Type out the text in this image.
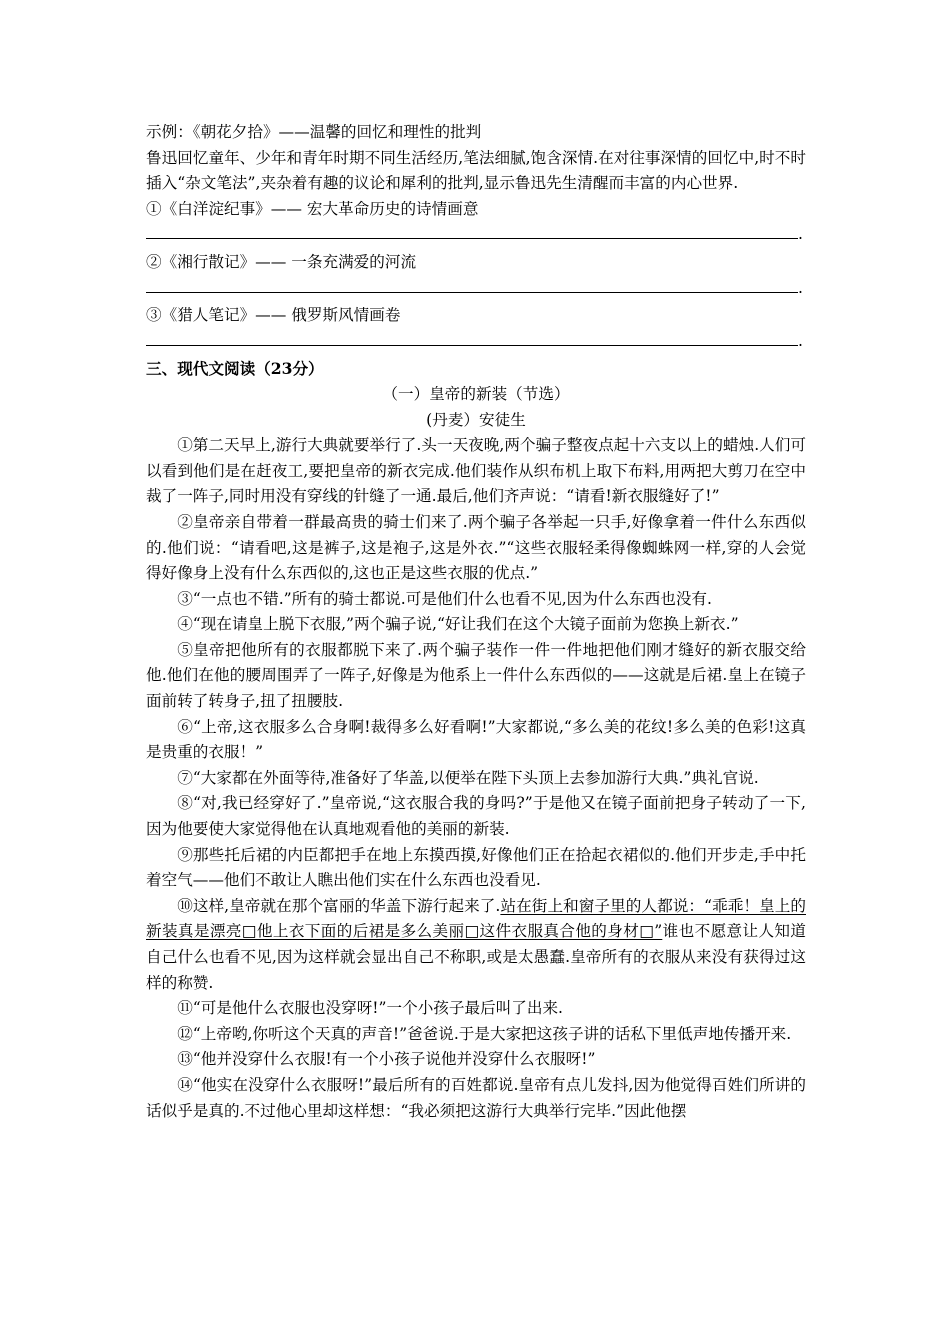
示例：《朝花夕拾》——温馨的回忆和理性的批判
鲁迅回忆童年、少年和青年时期不同生活经历,笔法细腻,饱含深情.在对往事深情的回忆中,时不时插入“杂文笔法”,夹杂着有趣的议论和犀利的批判,显示鲁迅先生清醒而丰富的内心世界.
①《白洋淀纪事》—— 宏大革命历史的诗情画意
.
②《湘行散记》—— 一条充满爱的河流
.
③《猎人笔记》—— 俄罗斯风情画卷
.
三、现代文阅读（23分）
（一）皇帝的新装（节选）
(丹麦）安徒生
①第二天早上,游行大典就要举行了.头一天夜晚,两个骗子整夜点起十六支以上的蜡烛.人们可以看到他们是在赶夜工,要把皇帝的新衣完成.他们装作从织布机上取下布料,用两把大剪刀在空中裁了一阵子,同时用没有穿线的针缝了一通.最后,他们齐声说：“请看!新衣服缝好了!”
②皇帝亲自带着一群最高贵的骑士们来了.两个骗子各举起一只手,好像拿着一件什么东西似的.他们说：“请看吧,这是裤子,这是袍子,这是外衣.”“这些衣服轻柔得像蜘蛛网一样,穿的人会觉得好像身上没有什么东西似的,这也正是这些衣服的优点.”
③“一点也不错.”所有的骑士都说.可是他们什么也看不见,因为什么东西也没有.
④“现在请皇上脱下衣服,”两个骗子说,“好让我们在这个大镜子面前为您换上新衣.”
⑤皇帝把他所有的衣服都脱下来了.两个骗子装作一件一件地把他们刚才缝好的新衣服交给他.他们在他的腰周围弄了一阵子,好像是为他系上一件什么东西似的——这就是后裙.皇上在镜子面前转了转身子,扭了扭腰肢.
⑥“上帝,这衣服多么合身啊!裁得多么好看啊!”大家都说,“多么美的花纹!多么美的色彩!这真是贵重的衣服！”
⑦“大家都在外面等待,准备好了华盖,以便举在陛下头顶上去参加游行大典.”典礼官说.
⑧“对,我已经穿好了.”皇帝说,“这衣服合我的身吗?”于是他又在镜子面前把身子转动了一下,因为他要使大家觉得他在认真地观看他的美丽的新装.
⑨那些托后裙的内臣都把手在地上东摸西摸,好像他们正在拾起衣裙似的.他们开步走,手中托着空气——他们不敢让人瞧出他们实在什么东西也没看见.
⑩这样,皇帝就在那个富丽的华盖下游行起来了.站在街上和窗子里的人都说：“乖乖！皇上的新装真是漂亮□他上衣下面的后裙是多么美丽□这件衣服真合他的身材□”谁也不愿意让人知道自己什么也看不见,因为这样就会显出自己不称职,或是太愚蠢.皇帝所有的衣服从来没有获得过这样的称赞.
⑪“可是他什么衣服也没穿呀!”一个小孩子最后叫了出来.
⑫“上帝哟,你听这个天真的声音!”爸爸说.于是大家把这孩子讲的话私下里低声地传播开来.
⑬“他并没穿什么衣服!有一个小孩子说他并没穿什么衣服呀!”
⑭“他实在没穿什么衣服呀!”最后所有的百姓都说.皇帝有点儿发抖,因为他觉得百姓们所讲的话似乎是真的.不过他心里却这样想：“我必须把这游行大典举行完毕.”因此他摆
